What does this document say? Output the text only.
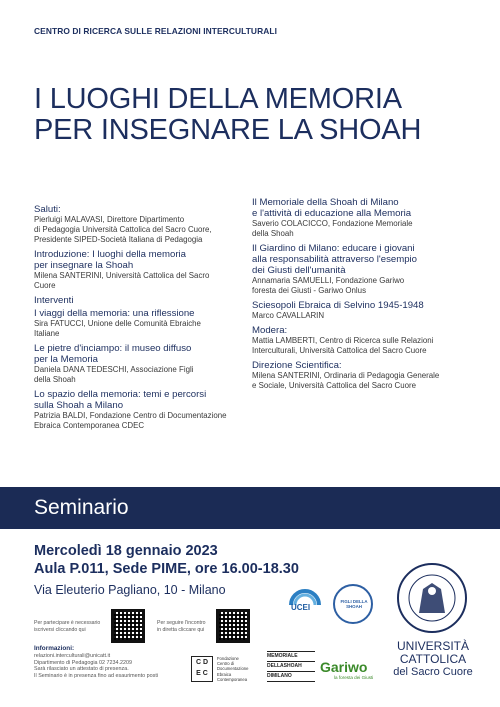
CENTRO DI RICERCA SULLE RELAZIONI INTERCULTURALI
I LUOGHI DELLA MEMORIA
PER INSEGNARE LA SHOAH
Saluti:
Pierluigi MALAVASI, Direttore Dipartimento
di Pedagogia Università Cattolica del Sacro Cuore,
Presidente SIPED-Società Italiana di Pedagogia
Introduzione: I luoghi della memoria
per insegnare la Shoah
Milena SANTERINI, Università Cattolica del Sacro
Cuore
Interventi
I viaggi della memoria: una riflessione
Sira FATUCCI, Unione delle Comunità Ebraiche
Italiane
Le pietre d'inciampo: il museo diffuso
per la Memoria
Daniela DANA TEDESCHI, Associazione Figli
della Shoah
Lo spazio della memoria: temi e percorsi
sulla Shoah a Milano
Patrizia BALDI, Fondazione Centro di Documentazione
Ebraica Contemporanea CDEC
Il Memoriale della Shoah di Milano
e l'attività di educazione alla Memoria
Saverio COLACICCO, Fondazione Memoriale
della Shoah
Il Giardino di Milano: educare i giovani
alla responsabilità attraverso l'esempio
dei Giusti dell'umanità
Annamaria SAMUELLI, Fondazione Gariwo
foresta dei Giusti - Gariwo Onlus
Sciesopoli Ebraica di Selvino 1945-1948
Marco CAVALLARIN
Modera:
Mattia LAMBERTI, Centro di Ricerca sulle Relazioni
Interculturali, Università Cattolica del Sacro Cuore
Direzione Scientifica:
Milena SANTERINI, Ordinaria di Pedagogia Generale
e Sociale, Università Cattolica del Sacro Cuore
Seminario
Mercoledì 18 gennaio 2023
Aula P.011, Sede PIME, ore 16.00-18.30
Via Eleuterio Pagliano, 10 - Milano
Per partecipare è necessario
iscriversi cliccando qui
Per seguire l'incontro
in diretta cliccare qui
Informazioni:
relazioni.interculturali@unicatt.it
Dipartimento di Pedagogia 02 7234.2209
Sarà rilasciato un attestato di presenza.
Il Seminario è in presenza fino ad esaurimento posti
UCEI
FIGLI DELLA SHOAH
C D
E C
Fondazione
Centro di
Documentazione
Ebraica
Contemporanea
MEMORIALE
DELLASHOAH
DIMILANO
Gariwo
la foresta dei Giusti
UNIVERSITÀ
CATTOLICA
del Sacro Cuore
